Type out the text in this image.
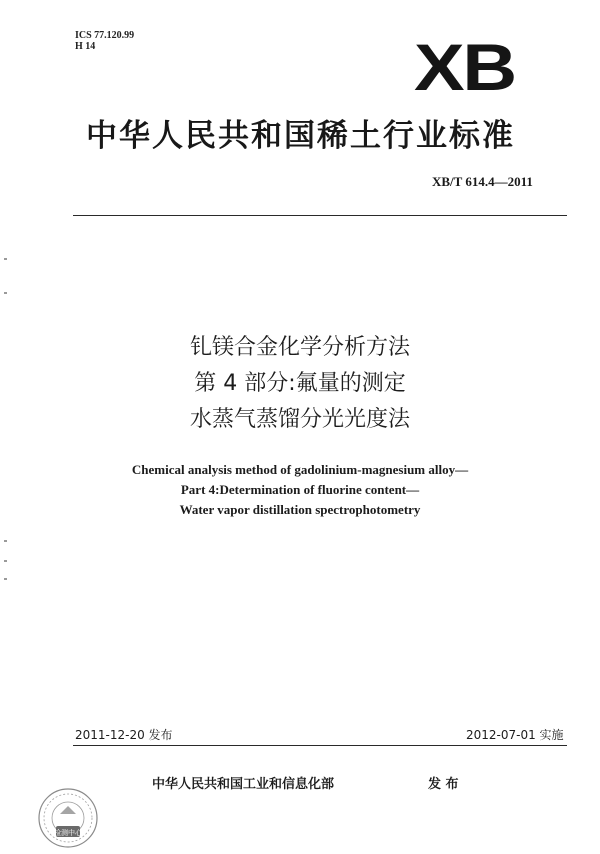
ICS 77.120.99
H 14	XB
中华人民共和国稀土行业标准
XB/T 614.4—2011
钆镁合金化学分析方法
第 4 部分:氟量的测定
水蒸气蒸馏分光光度法
Chemical analysis method of gadolinium-magnesium alloy—
Part 4:Determination of fluorine content—
Water vapor distillation spectrophotometry
2011-12-20 发布	2012-07-01 实施
中华人民共和国工业和信息化部	发 布
检测中心
